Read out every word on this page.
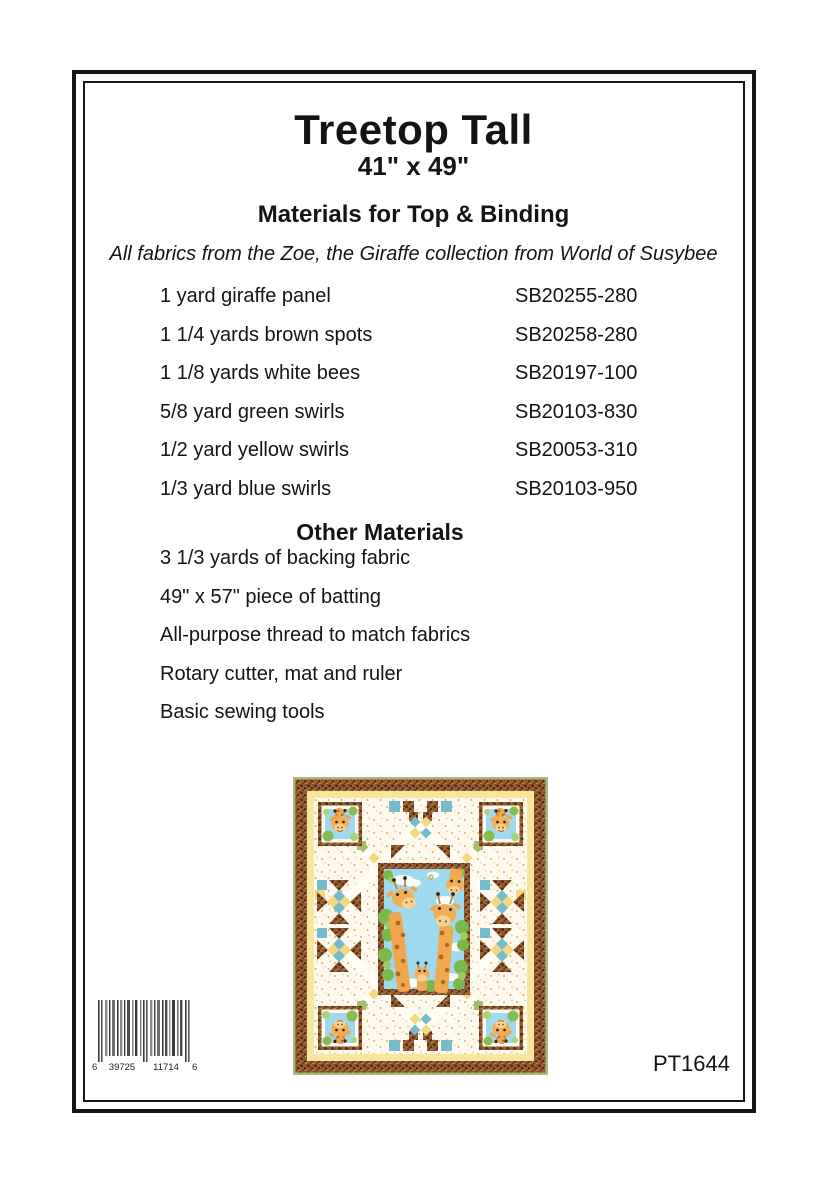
Treetop Tall
41" x 49"
Materials for Top & Binding
All fabrics from the Zoe, the Giraffe collection from World of Susybee
1 yard giraffe panel	SB20255-280
1 1/4 yards brown spots	SB20258-280
1 1/8 yards white bees	SB20197-100
5/8 yard green swirls	SB20103-830
1/2 yard yellow swirls	SB20053-310
1/3 yard blue swirls	SB20103-950
Other Materials
3 1/3 yards of backing fabric
49" x 57" piece of batting
All-purpose thread to match fabrics
Rotary cutter, mat and ruler
Basic sewing tools
6 39725 11714 6	PT1644
